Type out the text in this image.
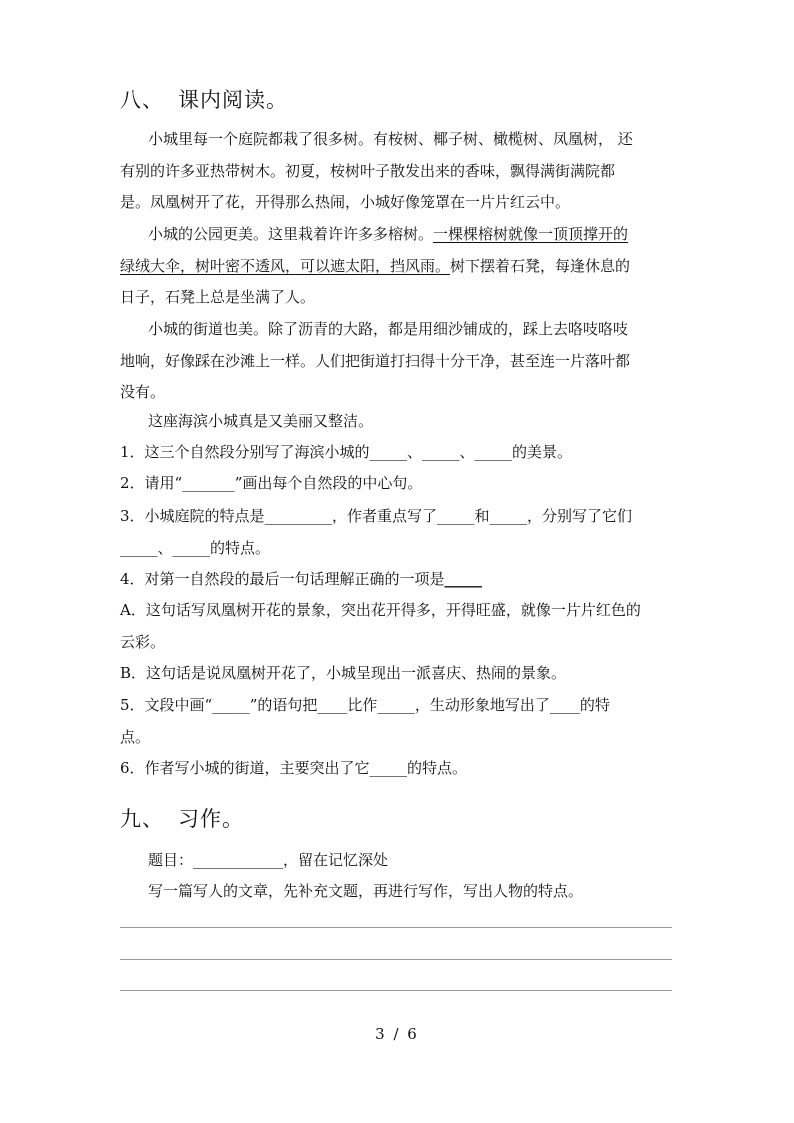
八、 课内阅读。
小城里每一个庭院都栽了很多树。有桉树、椰子树、橄榄树、凤凰树， 还
有别的许多亚热带树木。初夏，桉树叶子散发出来的香味，飘得满街满院都
是。凤凰树开了花，开得那么热闹，小城好像笼罩在一片片红云中。
小城的公园更美。这里栽着许许多多榕树。一棵棵榕树就像一顶顶撑开的
绿绒大伞，树叶密不透风，可以遮太阳，挡风雨。树下摆着石凳，每逢休息的
日子，石凳上总是坐满了人。
小城的街道也美。除了沥青的大路，都是用细沙铺成的，踩上去咯吱咯吱
地响，好像踩在沙滩上一样。人们把街道打扫得十分干净，甚至连一片落叶都
没有。
这座海滨小城真是又美丽又整洁。
1．这三个自然段分别写了海滨小城的_____、_____、_____的美景。
2．请用“_______”画出每个自然段的中心句。
3．小城庭院的特点是_________，作者重点写了_____和_____，分别写了它们
_____、_____的特点。
4．对第一自然段的最后一句话理解正确的一项是_____
A．这句话写凤凰树开花的景象，突出花开得多，开得旺盛，就像一片片红色的
云彩。
B．这句话是说凤凰树开花了，小城呈现出一派喜庆、热闹的景象。
5．文段中画“_____”的语句把____比作_____，生动形象地写出了____的特
点。
6．作者写小城的街道，主要突出了它_____的特点。
九、 习作。
题目：____________，留在记忆深处
写一篇写人的文章，先补充文题，再进行写作，写出人物的特点。
3 / 6
